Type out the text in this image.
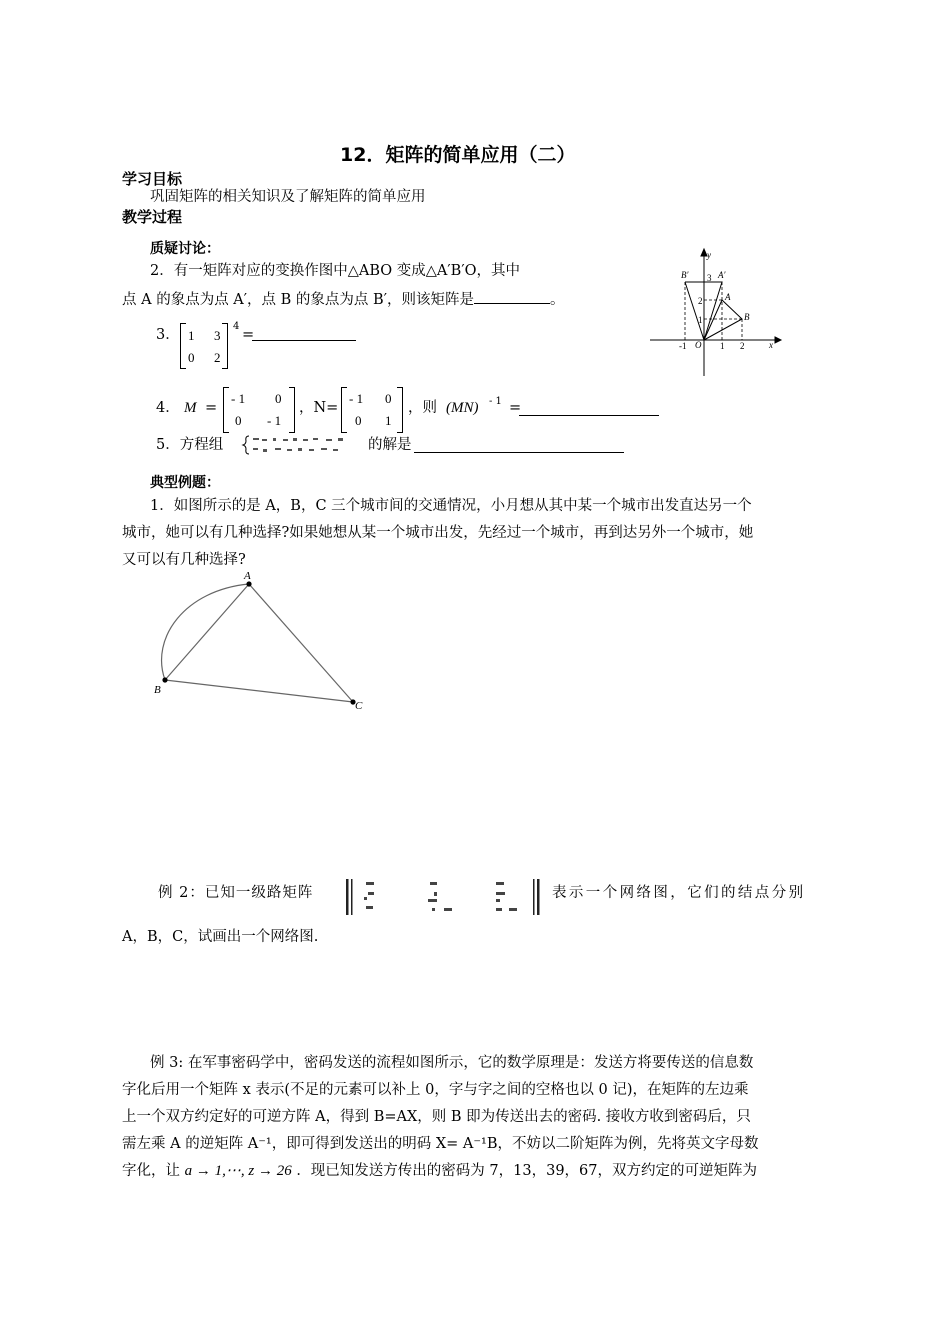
12．矩阵的简单应用（二）
学习目标
巩固矩阵的相关知识及了解矩阵的简单应用
教学过程
质疑讨论：
2．有一矩阵对应的变换作图中△ABO 变成△A′B′O，其中
点 A 的象点为点 A′，点 B 的象点为点 B′，则该矩阵是	。
B′	A′
A
B
O	x
y
-1	1 2
1
2
3
3． 1 3
0 2
4
=
4． M =
- 1 0
0 - 1
，N=
- 1 0
0 1
，则 (MN) - 1 =
5．方程组	的解是
典型例题：
1．如图所示的是 A，B，C 三个城市间的交通情况，小月想从其中某一个城市出发直达另一个
城市，她可以有几种选择?如果她想从某一个城市出发，先经过一个城市，再到达另外一个城市，她
又可以有几种选择?
A
B
C
例 2：已知一级路矩阵	表示一个网络图，它们的结点分别
A，B，C，试画出一个网络图.
例 3: 在军事密码学中，密码发送的流程如图所示，它的数学原理是：发送方将要传送的信息数
字化后用一个矩阵 x 表示(不足的元素可以补上 0，字与字之间的空格也以 0 记)，在矩阵的左边乘
上一个双方约定好的可逆方阵 A，得到 B=AX，则 B 即为传送出去的密码. 接收方收到密码后，只
需左乘 A 的逆矩阵 A⁻¹，即可得到发送出的明码 X= A⁻¹B，不妨以二阶矩阵为例，先将英文字母数
字化，让 a → 1,⋯, z → 26 ．现已知发送方传出的密码为 7，13，39，67，双方约定的可逆矩阵为
